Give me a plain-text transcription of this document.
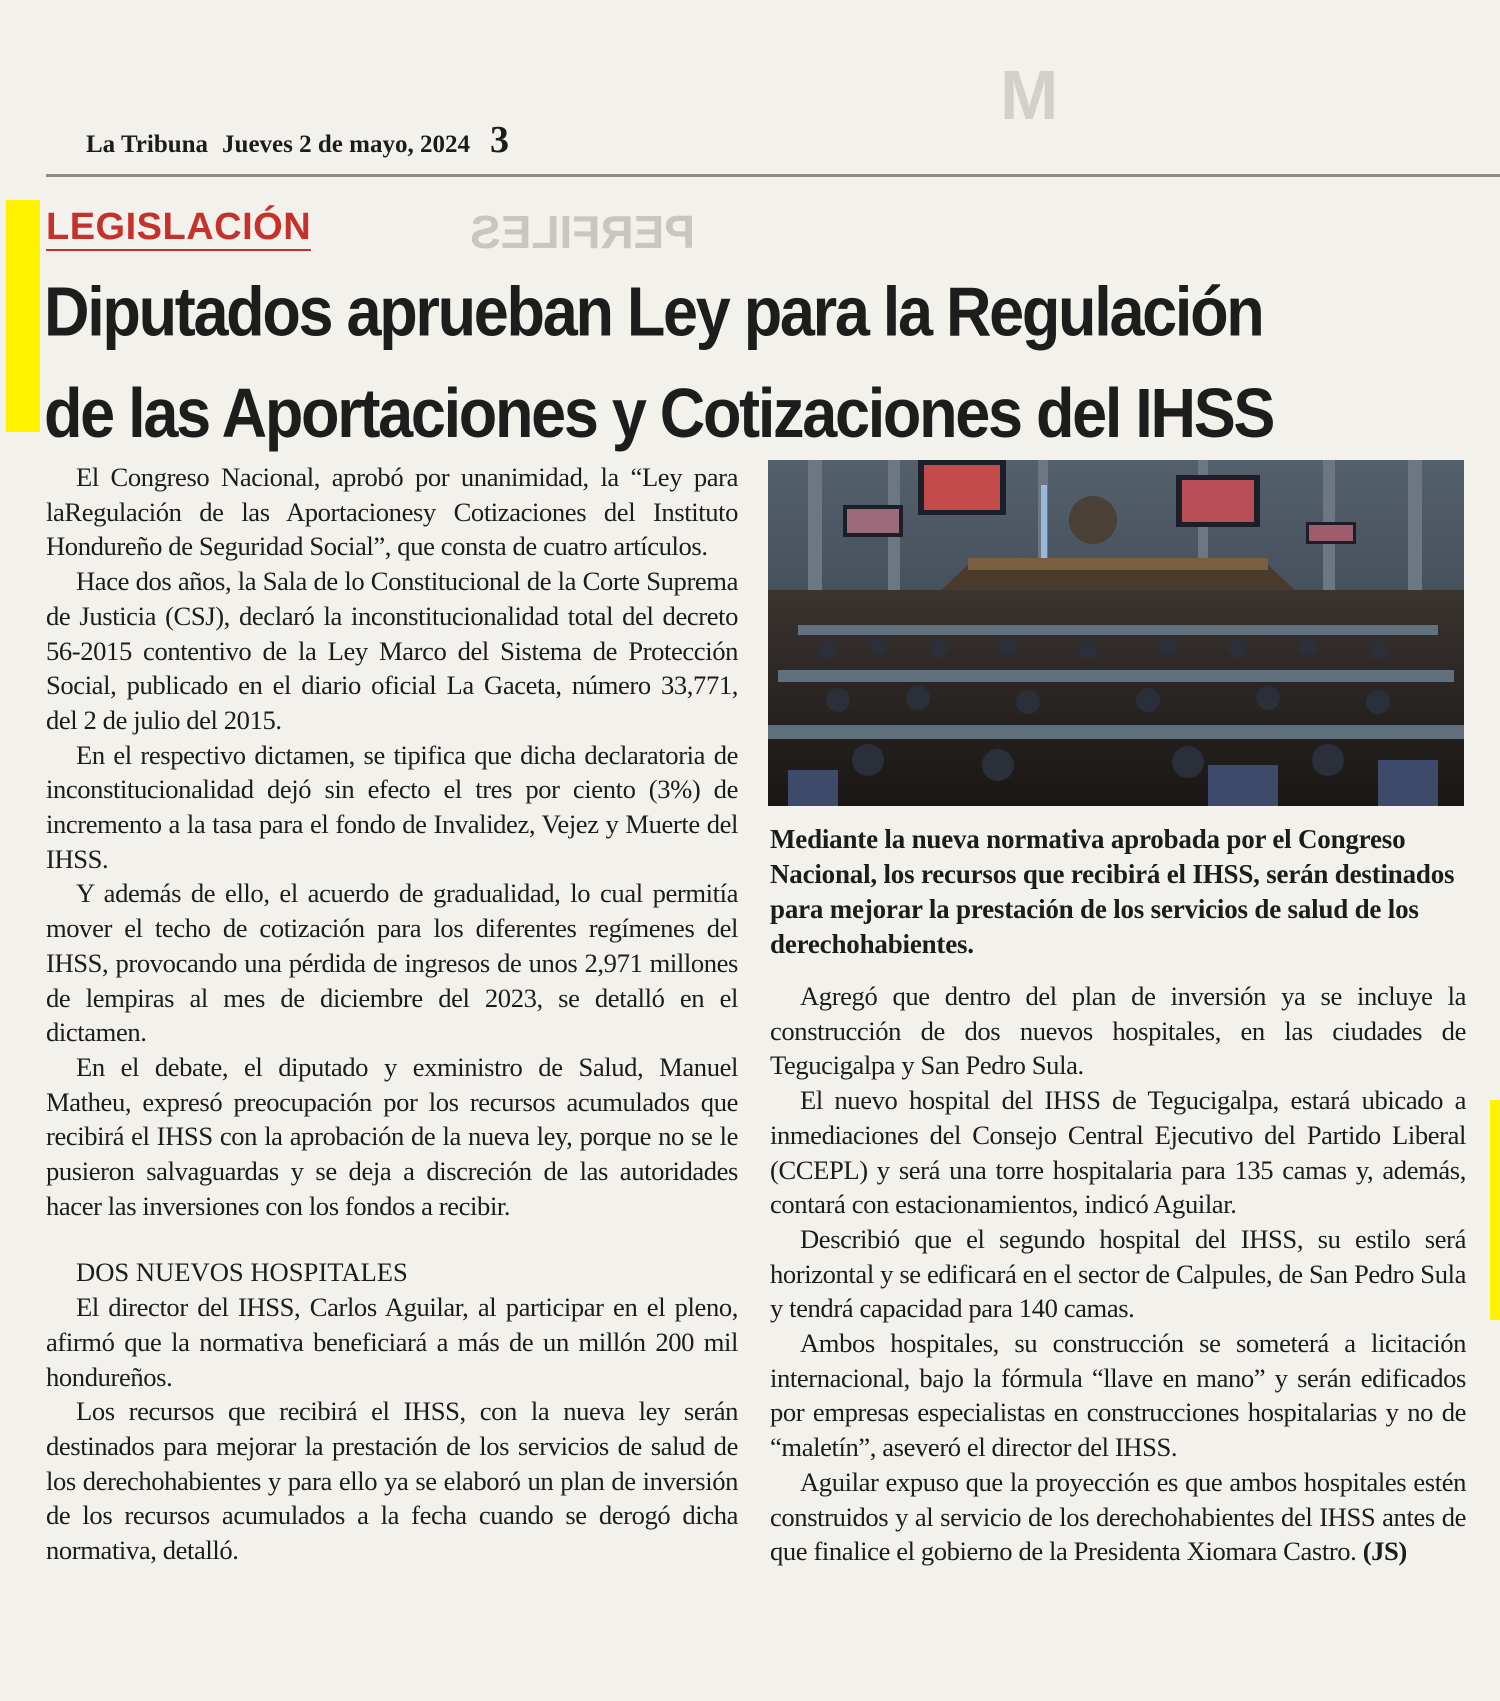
PERFILES
M
La Tribuna Jueves 2 de mayo, 2024 3
LEGISLACIÓN
Diputados aprueban Ley para la Regulación
de las Aportaciones y Cotizaciones del IHSS

El Congreso Nacional, aprobó por unanimidad, la “Ley para laRegulación de las Aportacionesy Cotizaciones del Instituto Hondureño de Seguridad Social”, que consta de cuatro artículos.

Hace dos años, la Sala de lo Constitucional de la Corte Suprema de Justicia (CSJ), declaró la inconstitucionalidad total del decreto 56-2015 contentivo de la Ley Marco del Sistema de Protección Social, publicado en el diario oficial La Gaceta, número 33,771, del 2 de julio del 2015.

En el respectivo dictamen, se tipifica que dicha declaratoria de inconstitucionalidad dejó sin efecto el tres por ciento (3%) de incremento a la tasa para el fondo de Invalidez, Vejez y Muerte del IHSS.

Y además de ello, el acuerdo de gradualidad, lo cual permitía mover el techo de cotización para los diferentes regímenes del IHSS, provocando una pérdida de ingresos de unos 2,971 millones de lempiras al mes de diciembre del 2023, se detalló en el dictamen.

En el debate, el diputado y exministro de Salud, Manuel Matheu, expresó preocupación por los recursos acumulados que recibirá el IHSS con la aprobación de la nueva ley, porque no se le pusieron salvaguardas y se deja a discreción de las autoridades hacer las inversiones con los fondos a recibir.

DOS NUEVOS HOSPITALES

El director del IHSS, Carlos Aguilar, al participar en el pleno, afirmó que la normativa beneficiará a más de un millón 200 mil hondureños.

Los recursos que recibirá el IHSS, con la nueva ley serán destinados para mejorar la prestación de los servicios de salud de los derechohabientes y para ello ya se elaboró un plan de inversión de los recursos acumulados a la fecha cuando se derogó dicha normativa, detalló.

Mediante la nueva normativa aprobada por el Congreso Nacional, los recursos que recibirá el IHSS, serán destinados para mejorar la prestación de los servicios de salud de los derechohabientes.

Agregó que dentro del plan de inversión ya se incluye la construcción de dos nuevos hospitales, en las ciudades de Tegucigalpa y San Pedro Sula.

El nuevo hospital del IHSS de Tegucigalpa, estará ubicado a inmediaciones del Consejo Central Ejecutivo del Partido Liberal (CCEPL) y será una torre hospitalaria para 135 camas y, además, contará con estacionamientos, indicó Aguilar.

Describió que el segundo hospital del IHSS, su estilo será horizontal y se edificará en el sector de Calpules, de San Pedro Sula y tendrá capacidad para 140 camas.

Ambos hospitales, su construcción se someterá a licitación internacional, bajo la fórmula “llave en mano” y serán edificados por empresas especialistas en construcciones hospitalarias y no de “maletín”, aseveró el director del IHSS.

Aguilar expuso que la proyección es que ambos hospitales estén construidos y al servicio de los derechohabientes del IHSS antes de que finalice el gobierno de la Presidenta Xiomara Castro. (JS)
